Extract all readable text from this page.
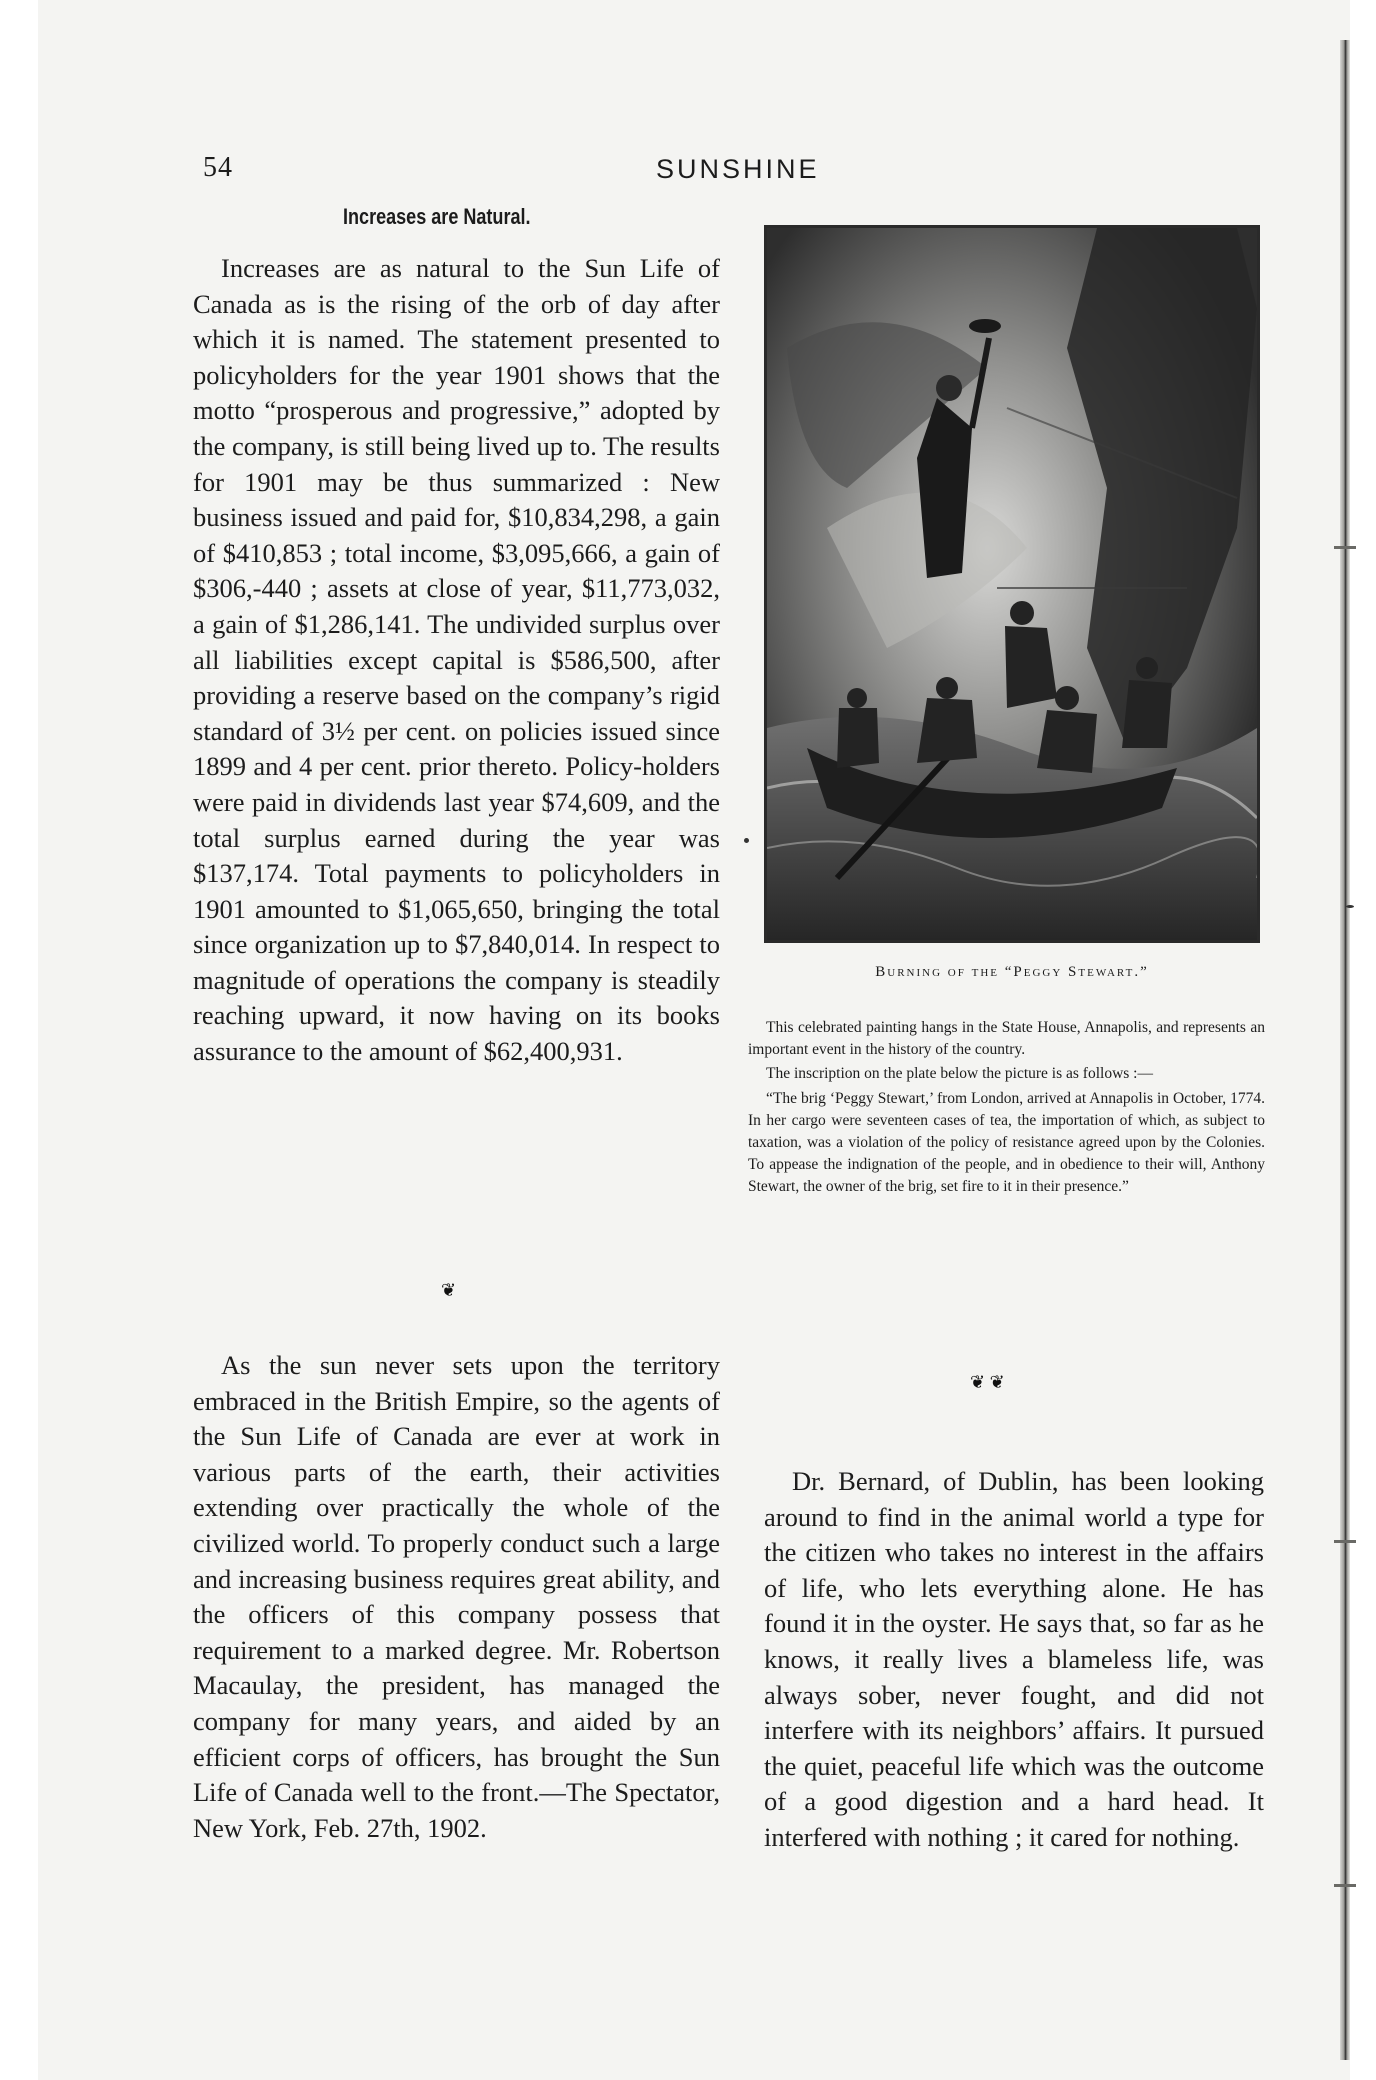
54	SUNSHINE
Increases are Natural.

Increases are as natural to the Sun Life of Canada as is the rising of the orb of day after which it is named. The statement presented to policyholders for the year 1901 shows that the motto “prosperous and progressive,” adopted by the company, is still being lived up to. The results for 1901 may be thus summarized : New business issued and paid for, $10,834,298, a gain of $410,853 ; total income, $3,095,666, a gain of $306,-440 ; assets at close of year, $11,773,032, a gain of $1,286,141. The undivided surplus over all liabilities except capital is $586,500, after providing a reserve based on the company’s rigid standard of 3½ per cent. on policies issued since 1899 and 4 per cent. prior thereto. Policy-holders were paid in dividends last year $74,609, and the total surplus earned during the year was $137,174. Total payments to policyholders in 1901 amounted to $1,065,650, bringing the total since organization up to $7,840,014. In respect to magnitude of operations the company is steadily reaching upward, it now having on its books assurance to the amount of $62,400,931.

❦

As the sun never sets upon the territory embraced in the British Empire, so the agents of the Sun Life of Canada are ever at work in various parts of the earth, their activities extending over practically the whole of the civilized world. To properly conduct such a large and increasing business requires great ability, and the officers of this company possess that requirement to a marked degree. Mr. Robertson Macaulay, the president, has managed the company for many years, and aided by an efficient corps of officers, has brought the Sun Life of Canada well to the front.—The Spectator, New York, Feb. 27th, 1902.

Burning of the “Peggy Stewart.”

This celebrated painting hangs in the State House, Annapolis, and represents an important event in the history of the country.

The inscription on the plate below the picture is as follows :—

“The brig ‘Peggy Stewart,’ from London, arrived at Annapolis in October, 1774. In her cargo were seventeen cases of tea, the importation of which, as subject to taxation, was a violation of the policy of resistance agreed upon by the Colonies. To appease the indignation of the people, and in obedience to their will, Anthony Stewart, the owner of the brig, set fire to it in their presence.”

❦ ❦

Dr. Bernard, of Dublin, has been looking around to find in the animal world a type for the citizen who takes no interest in the affairs of life, who lets everything alone. He has found it in the oyster. He says that, so far as he knows, it really lives a blameless life, was always sober, never fought, and did not interfere with its neighbors’ affairs. It pursued the quiet, peaceful life which was the outcome of a good digestion and a hard head. It interfered with nothing ; it cared for nothing.
